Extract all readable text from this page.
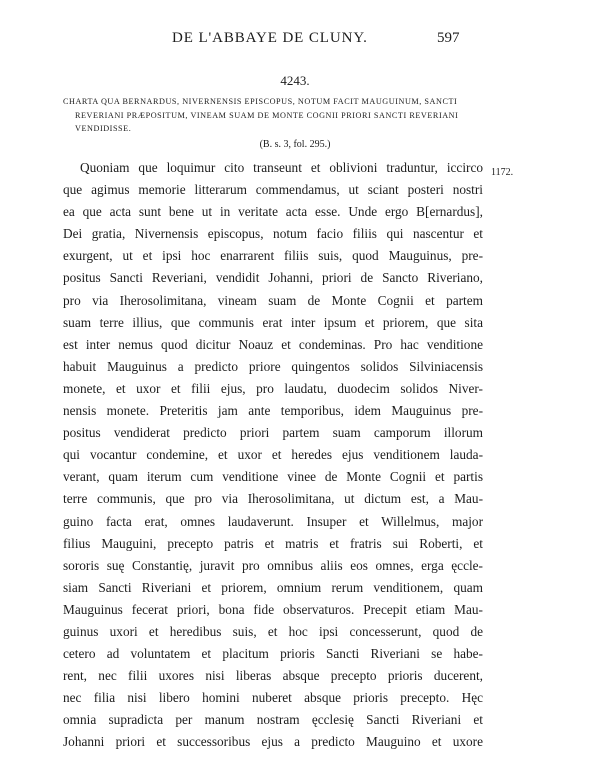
DE L'ABBAYE DE CLUNY.	597
4243.
CHARTA QUA BERNARDUS, NIVERNENSIS EPISCOPUS, NOTUM FACIT MAUGUINUM, SANCTI
REVERIANI PRÆPOSITUM, VINEAM SUAM DE MONTE COGNII PRIORI SANCTI REVERIANI
VENDIDISSE.
(B. s. 3, fol. 295.)
1172.
Quoniam que loquimur cito transeunt et oblivioni traduntur, iccirco
que agimus memorie litterarum commendamus, ut sciant posteri nostri
ea que acta sunt bene ut in veritate acta esse. Unde ergo B[ernardus],
Dei gratia, Nivernensis episcopus, notum facio filiis qui nascentur et
exurgent, ut et ipsi hoc enarrarent filiis suis, quod Mauguinus, pre-
positus Sancti Reveriani, vendidit Johanni, priori de Sancto Riveriano,
pro via Iherosolimitana, vineam suam de Monte Cognii et partem
suam terre illius, que communis erat inter ipsum et priorem, que sita
est inter nemus quod dicitur Noauz et condeminas. Pro hac venditione
habuit Mauguinus a predicto priore quingentos solidos Silviniacensis
monete, et uxor et filii ejus, pro laudatu, duodecim solidos Niver-
nensis monete. Preteritis jam ante temporibus, idem Mauguinus pre-
positus vendiderat predicto priori partem suam camporum illorum
qui vocantur condemine, et uxor et heredes ejus venditionem lauda-
verant, quam iterum cum venditione vinee de Monte Cognii et partis
terre communis, que pro via Iherosolimitana, ut dictum est, a Mau-
guino facta erat, omnes laudaverunt. Insuper et Willelmus, major
filius Mauguini, precepto patris et matris et fratris sui Roberti, et
sororis suę Constantię, juravit pro omnibus aliis eos omnes, erga ęccle-
siam Sancti Riveriani et priorem, omnium rerum venditionem, quam
Mauguinus fecerat priori, bona fide observaturos. Precepit etiam Mau-
guinus uxori et heredibus suis, et hoc ipsi concesserunt, quod de
cetero ad voluntatem et placitum prioris Sancti Riveriani se habe-
rent, nec filii uxores nisi liberas absque precepto prioris ducerent,
nec filia nisi libero homini nuberet absque prioris precepto. Hęc
omnia supradicta per manum nostram ęcclesię Sancti Riveriani et
Johanni priori et successoribus ejus a predicto Mauguino et uxore
